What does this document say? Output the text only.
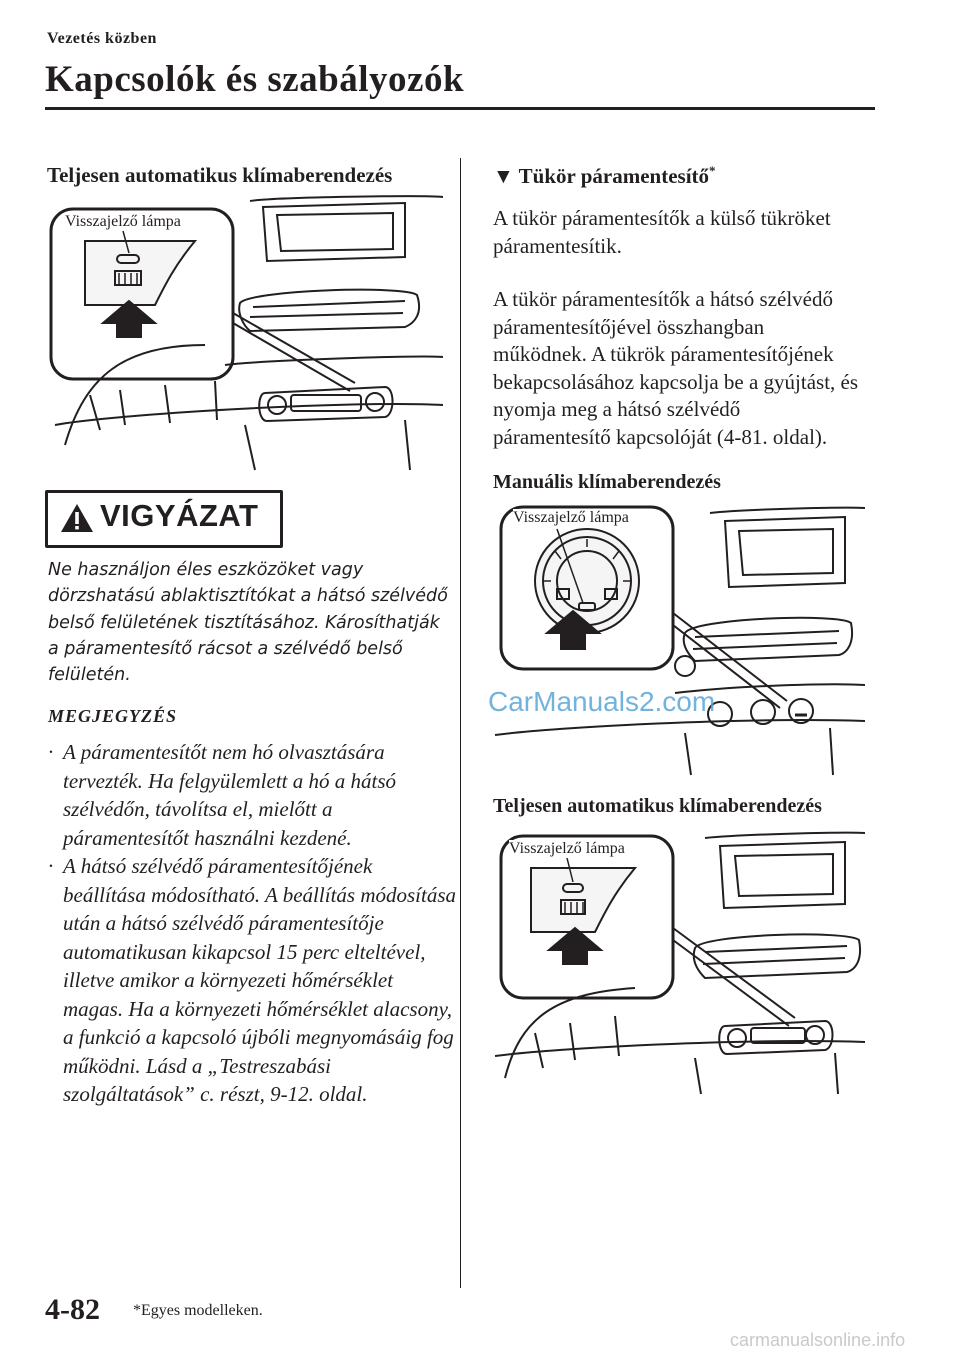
Vezetés közben
Kapcsolók és szabályozók
Teljesen automatikus klímaberendezés
Visszajelző lámpa
VIGYÁZAT
Ne használjon éles eszközöket vagy dörzshatású ablaktisztítókat a hátsó szélvédő belső felületének tisztításához. Károsíthatják a páramentesítő rácsot a szélvédő belső felületén.
MEGJEGYZÉS
· A páramentesítőt nem hó olvasztására tervezték. Ha felgyülemlett a hó a hátsó szélvédőn, távolítsa el, mielőtt a páramentesítőt használni kezdené.
· A hátsó szélvédő páramentesítőjének beállítása módosítható. A beállítás módosítása után a hátsó szélvédő páramentesítője automatikusan kikapcsol 15 perc elteltével, illetve amikor a környezeti hőmérséklet magas. Ha a környezeti hőmérséklet alacsony, a funkció a kapcsoló újbóli megnyomásáig fog működni. Lásd a „Testreszabási szolgáltatások” c. részt, 9-12. oldal.
▼ Tükör páramentesítő*
A tükör páramentesítők a külső tükröket páramentesítik.
A tükör páramentesítők a hátsó szélvédő páramentesítőjével összhangban működnek. A tükrök páramentesítőjének bekapcsolásához kapcsolja be a gyújtást, és nyomja meg a hátsó szélvédő páramentesítő kapcsolóját (4-81. oldal).
Manuális klímaberendezés
Visszajelző lámpa
Teljesen automatikus klímaberendezés
Visszajelző lámpa
CarManuals2.com
carmanualsonline.info
4-82 *Egyes modelleken.
